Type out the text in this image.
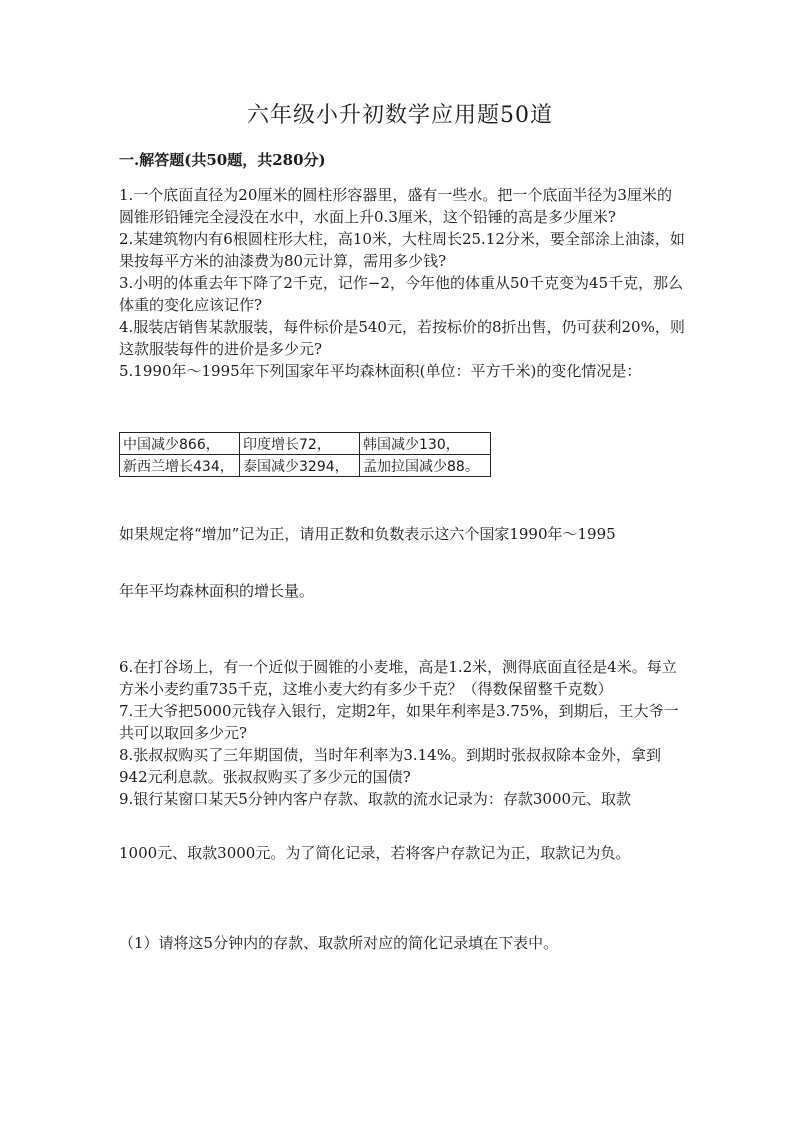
六年级小升初数学应用题50道
一.解答题(共50题，共280分)

1.一个底面直径为20厘米的圆柱形容器里，盛有一些水。把一个底面半径为3厘米的圆锥形铅锤完全浸没在水中，水面上升0.3厘米，这个铅锤的高是多少厘米?

2.某建筑物内有6根圆柱形大柱，高10米，大柱周长25.12分米，要全部涂上油漆，如果按每平方米的油漆费为80元计算，需用多少钱?

3.小明的体重去年下降了2千克，记作−2，今年他的体重从50千克变为45千克，那么体重的变化应该记作?

4.服装店销售某款服装，每件标价是540元，若按标价的8折出售，仍可获利20%，则这款服装每件的进价是多少元?

5.1990年～1995年下列国家年平均森林面积(单位：平方千米)的变化情况是：

中国减少866，	印度增长72，	韩国减少130，
新西兰增长434，	泰国减少3294，	孟加拉国减少88。
如果规定将“增加”记为正，请用正数和负数表示这六个国家1990年～1995
年年平均森林面积的增长量。

6.在打谷场上，有一个近似于圆锥的小麦堆，高是1.2米，测得底面直径是4米。每立方米小麦约重735千克，这堆小麦大约有多少千克？（得数保留整千克数）

7.王大爷把5000元钱存入银行，定期2年，如果年利率是3.75%，到期后，王大爷一共可以取回多少元?

8.张叔叔购买了三年期国债，当时年利率为3.14%。到期时张叔叔除本金外，拿到942元利息款。张叔叔购买了多少元的国债?

9.银行某窗口某天5分钟内客户存款、取款的流水记录为：存款3000元、取款

1000元、取款3000元。为了简化记录，若将客户存款记为正，取款记为负。
（1）请将这5分钟内的存款、取款所对应的简化记录填在下表中。
